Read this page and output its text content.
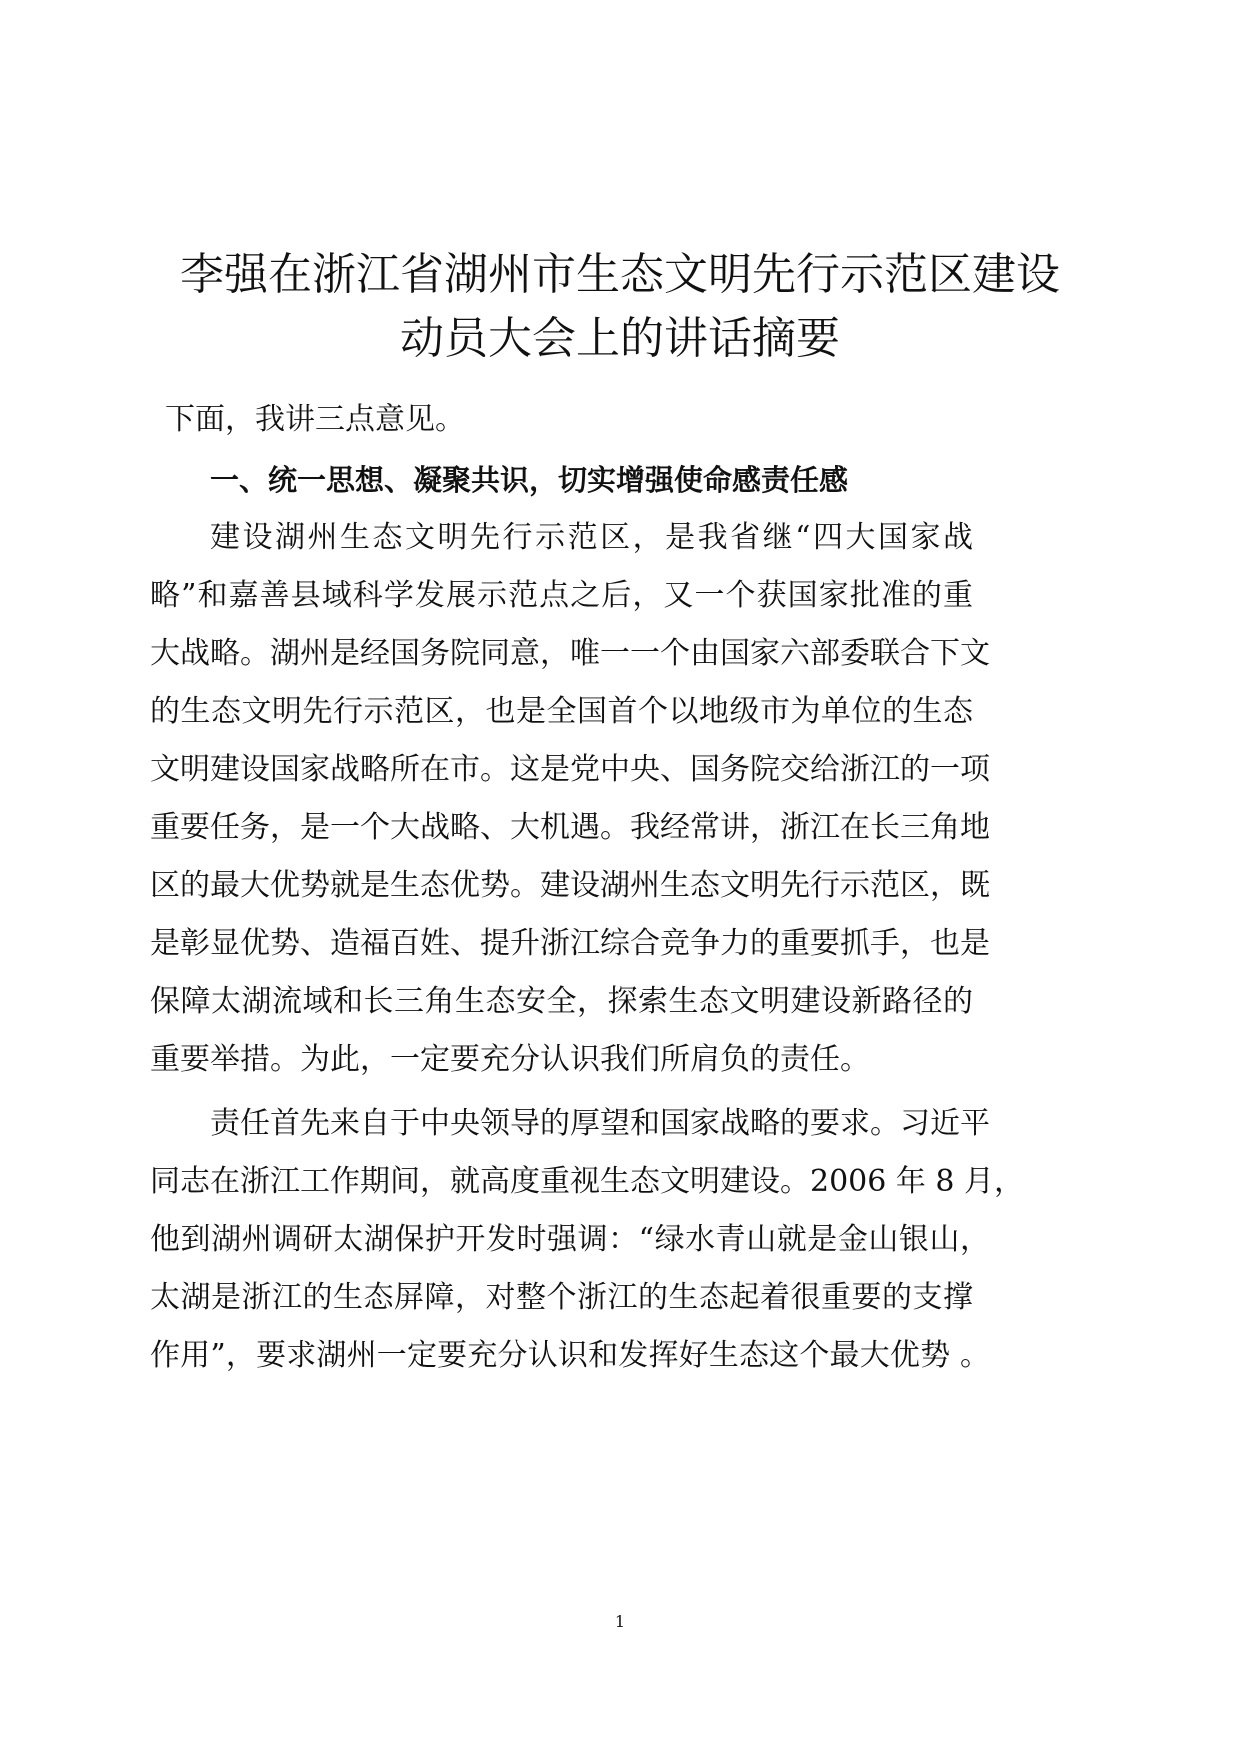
李强在浙江省湖州市生态文明先行示范区建设
动员大会上的讲话摘要

下面，我讲三点意见。

一、统一思想、凝聚共识，切实增强使命感责任感

建设湖州生态文明先行示范区，是我省继“四大国家战

略”和嘉善县域科学发展示范点之后，又一个获国家批准的重

大战略。湖州是经国务院同意，唯一一个由国家六部委联合下文

的生态文明先行示范区，也是全国首个以地级市为单位的生态

文明建设国家战略所在市。这是党中央、国务院交给浙江的一项

重要任务，是一个大战略、大机遇。我经常讲，浙江在长三角地

区的最大优势就是生态优势。建设湖州生态文明先行示范区，既

是彰显优势、造福百姓、提升浙江综合竞争力的重要抓手，也是

保障太湖流域和长三角生态安全，探索生态文明建设新路径的

重要举措。为此，一定要充分认识我们所肩负的责任。

责任首先来自于中央领导的厚望和国家战略的要求。习近平

同志在浙江工作期间，就高度重视生态文明建设。2006 年 8 月，

他到湖州调研太湖保护开发时强调：“绿水青山就是金山银山，

太湖是浙江的生态屏障，对整个浙江的生态起着很重要的支撑

作用”，要求湖州一定要充分认识和发挥好生态这个最大优势 。

1
